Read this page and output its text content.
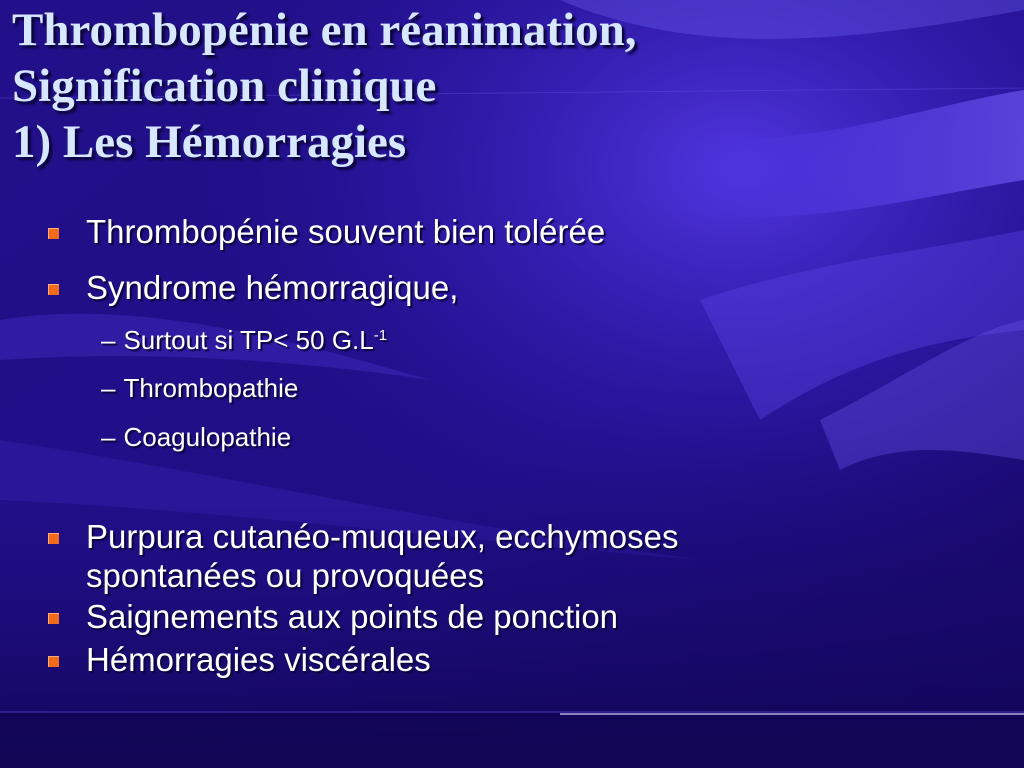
Thrombopénie en réanimation,
Signification clinique
1) Les Hémorragies
Thrombopénie souvent bien tolérée
Syndrome hémorragique,
– Surtout si TP< 50 $G.L^{-1}$
– Thrombopathie
– Coagulopathie
Purpura cutanéo-muqueux, ecchymoses
spontanées ou provoquées
Saignements aux points de ponction
Hémorragies viscérales
